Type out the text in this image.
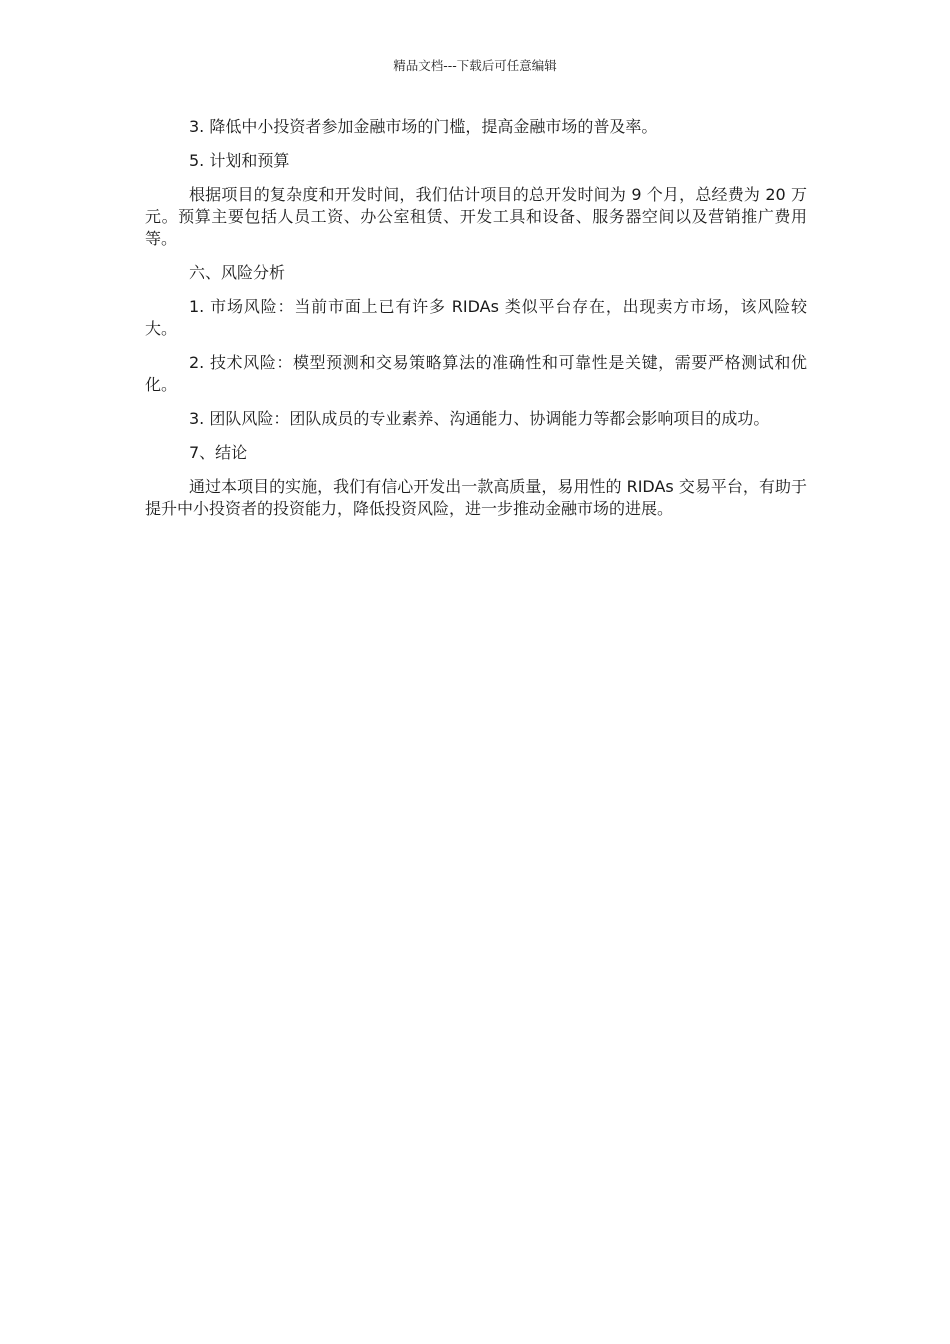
精品文档---下载后可任意编辑

3. 降低中小投资者参加金融市场的门槛，提高金融市场的普及率。

5. 计划和预算

根据项目的复杂度和开发时间，我们估计项目的总开发时间为 9 个月，总经费为 20 万元。预算主要包括人员工资、办公室租赁、开发工具和设备、服务器空间以及营销推广费用等。

六、风险分析

1. 市场风险：当前市面上已有许多 RIDAs 类似平台存在，出现卖方市场，该风险较大。

2. 技术风险：模型预测和交易策略算法的准确性和可靠性是关键，需要严格测试和优化。

3. 团队风险：团队成员的专业素养、沟通能力、协调能力等都会影响项目的成功。

7、结论

通过本项目的实施，我们有信心开发出一款高质量，易用性的 RIDAs 交易平台，有助于提升中小投资者的投资能力，降低投资风险，进一步推动金融市场的进展。
